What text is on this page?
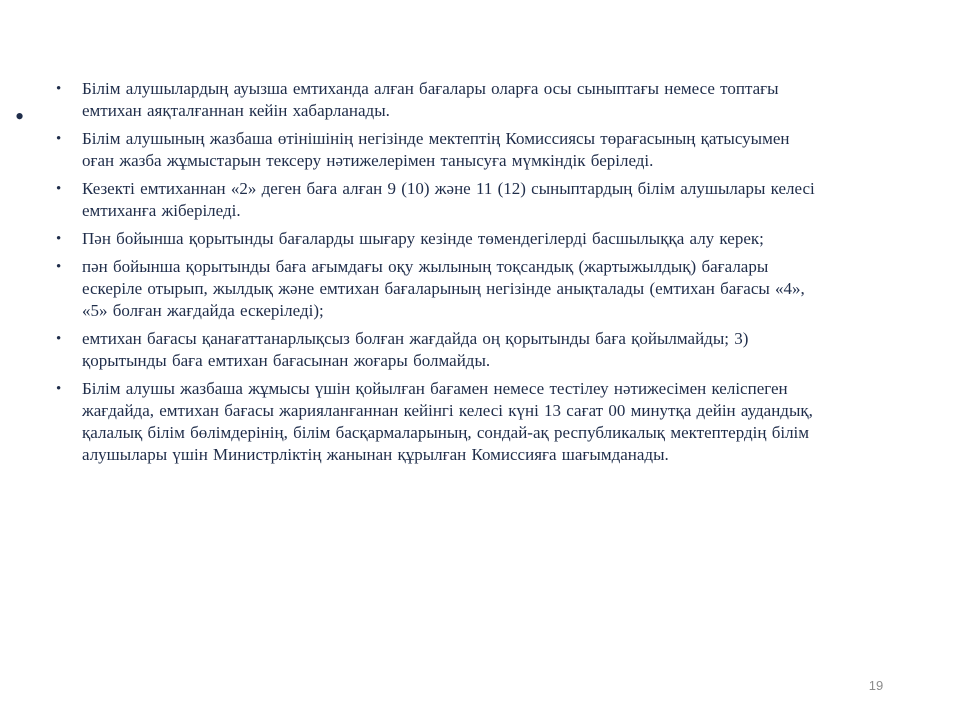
•
• Білім алушылардың ауызша емтиханда алған бағалары оларға осы сыныптағы немесе топтағы емтихан аяқталғаннан кейін хабарланады.
• Білім алушының жазбаша өтінішінің негізінде мектептің Комиссиясы төрағасының қатысуымен оған жазба жұмыстарын тексеру нәтижелерімен танысуға мүмкіндік беріледі.
• Кезекті емтиханнан «2» деген баға алған 9 (10) және 11 (12) сыныптардың білім алушылары келесі емтиханға жіберіледі.
• Пән бойынша қорытынды бағаларды шығару кезінде төмендегілерді басшылыққа алу керек;
• пән бойынша қорытынды баға ағымдағы оқу жылының тоқсандық (жартыжылдық) бағалары ескеріле отырып, жылдық және емтихан бағаларының негізінде анықталады (емтихан бағасы «4», «5» болған жағдайда ескеріледі);
• емтихан бағасы қанағаттанарлықсыз болған жағдайда оң қорытынды баға қойылмайды; 3) қорытынды баға емтихан бағасынан жоғары болмайды.
• Білім алушы жазбаша жұмысы үшін қойылған бағамен немесе тестілеу нәтижесімен келіспеген жағдайда, емтихан бағасы жарияланғаннан кейінгі келесі күні 13 сағат 00 минутқа дейін аудандық, қалалық білім бөлімдерінің, білім басқармаларының, сондай-ақ республикалық мектептердің білім алушылары үшін Министрліктің жанынан құрылған Комиссияға шағымданады.
19
